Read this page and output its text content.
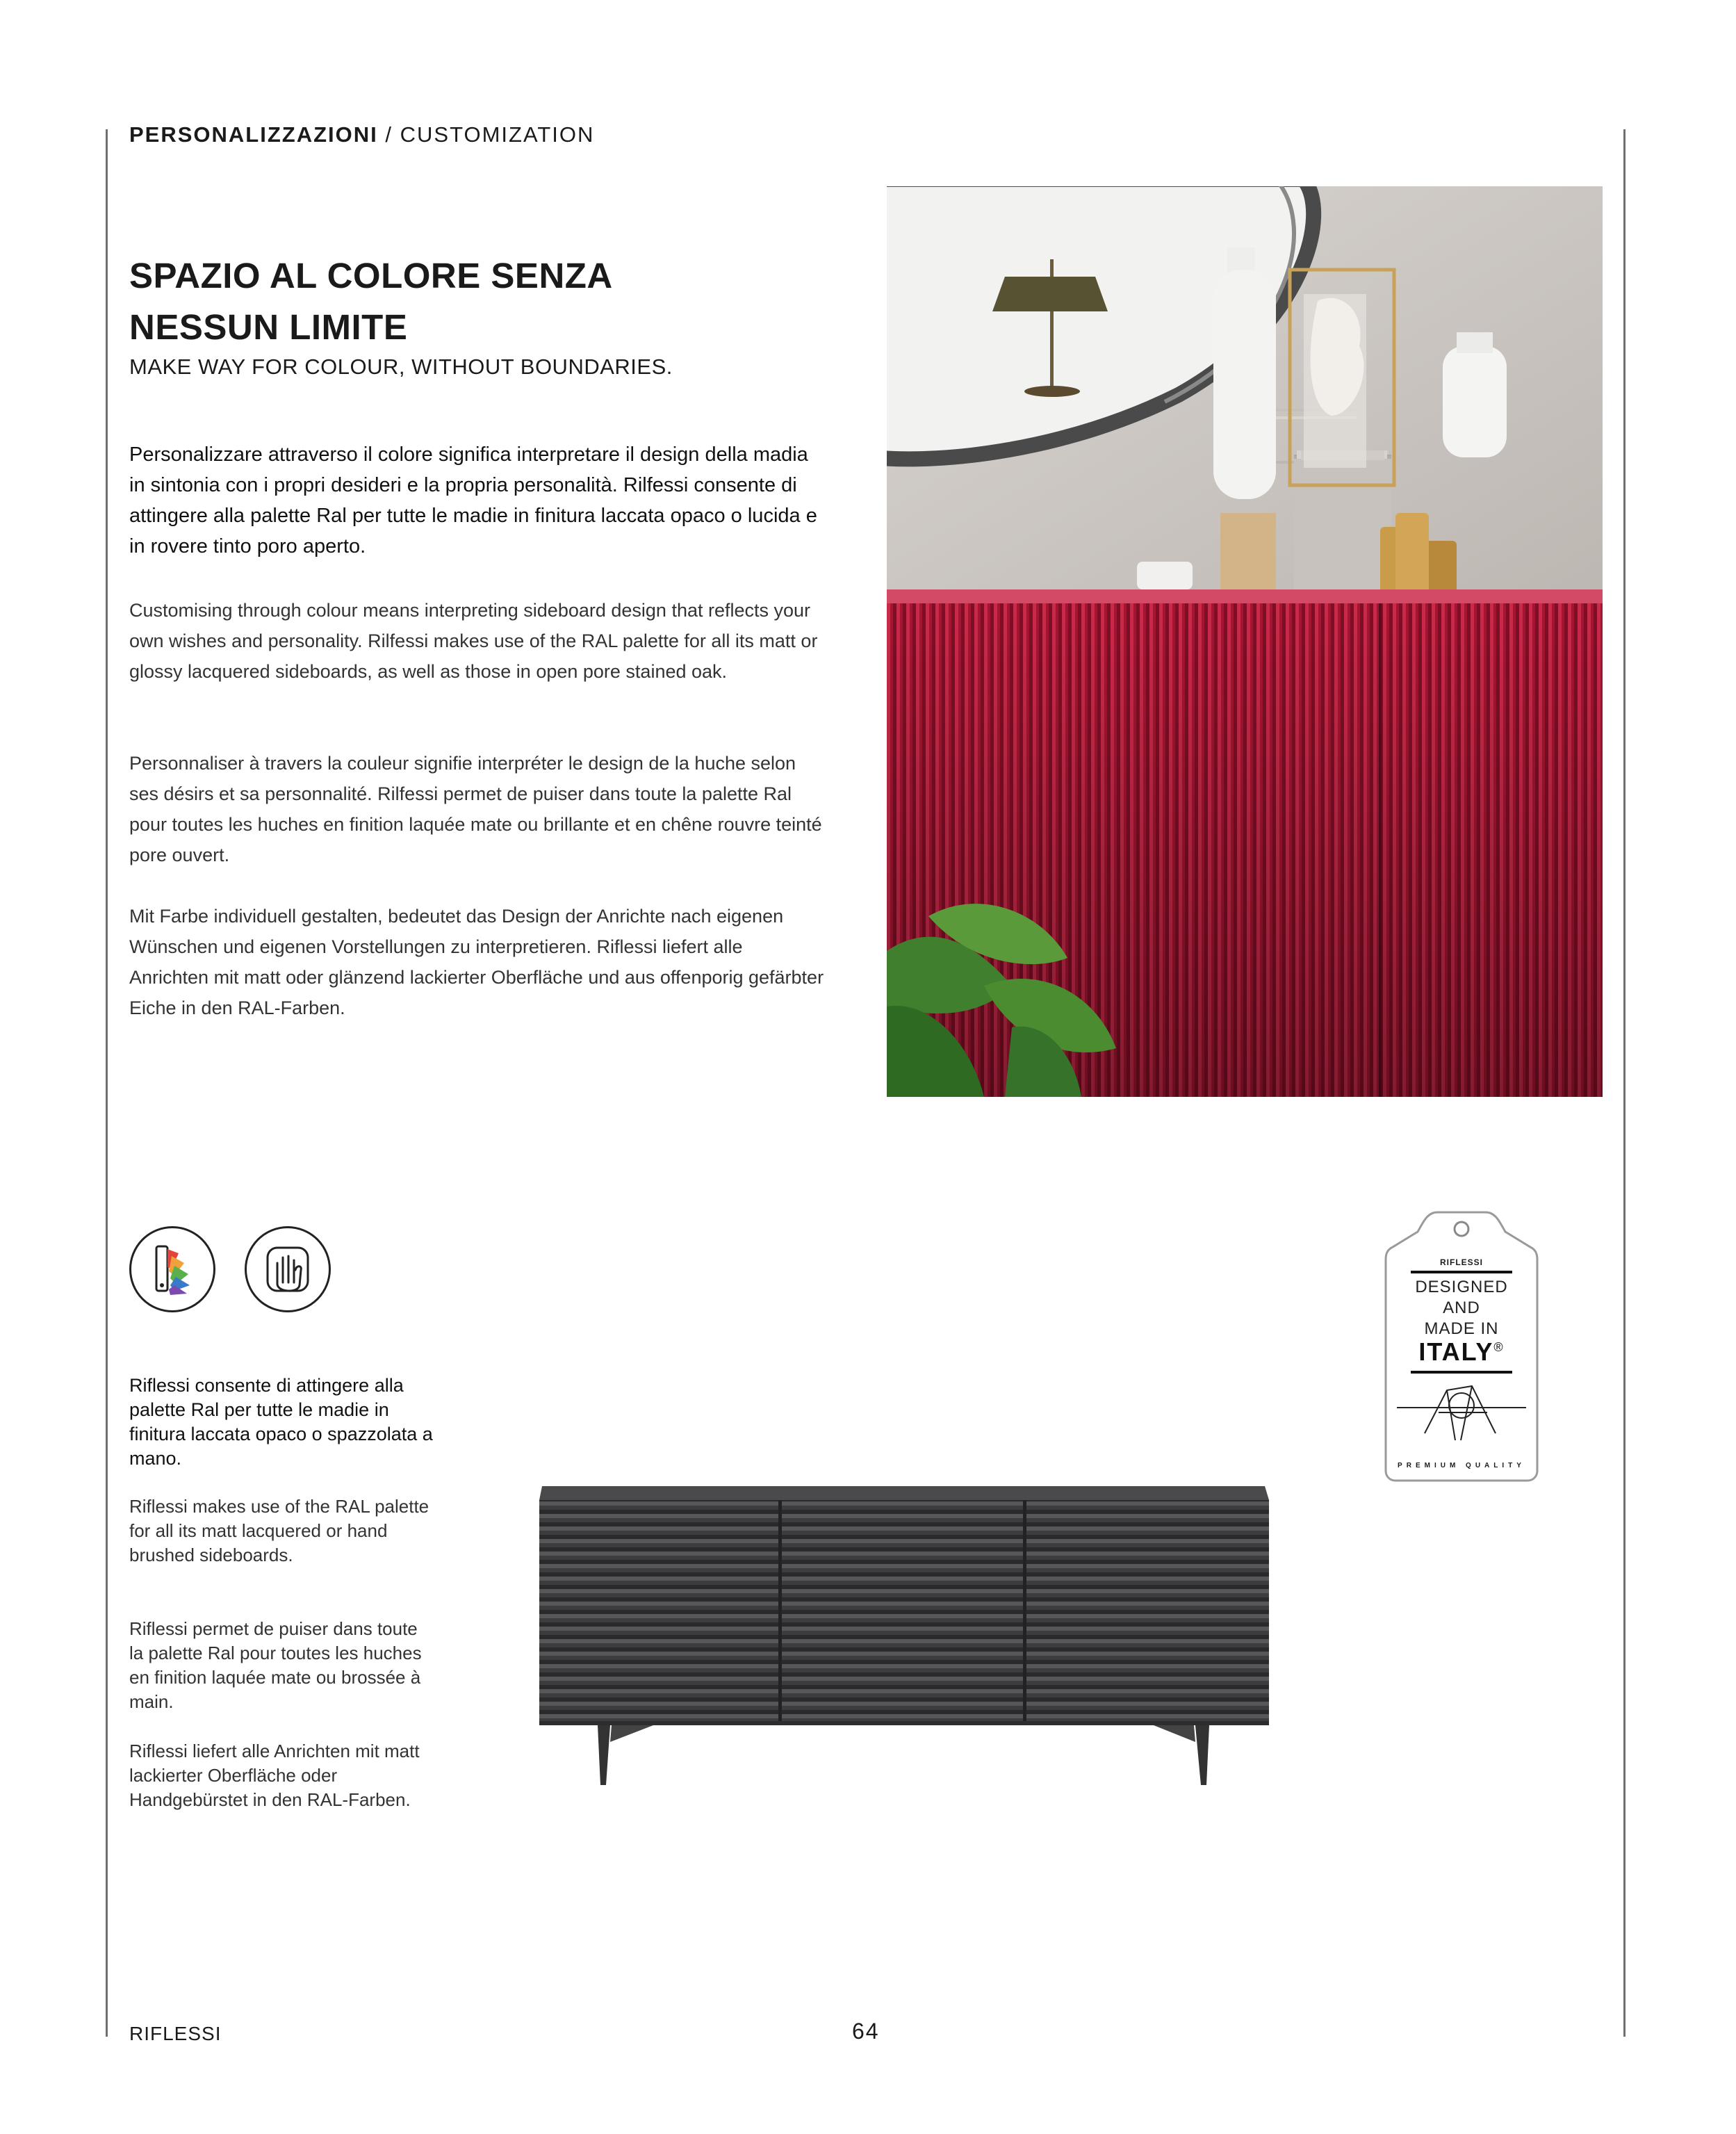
PERSONALIZZAZIONI / CUSTOMIZATION
SPAZIO AL COLORE SENZA
NESSUN LIMITE
MAKE WAY FOR COLOUR, WITHOUT BOUNDARIES.

Personalizzare attraverso il colore significa interpretare il design della madia in sintonia con i propri desideri e la propria personalità. Rilfessi consente di attingere alla palette Ral per tutte le madie in finitura laccata opaco o lucida e in rovere tinto poro aperto.

Customising through colour means interpreting sideboard design that reflects your own wishes and personality. Rilfessi makes use of the RAL palette for all its matt or glossy lacquered sideboards, as well as those in open pore stained oak.

Personnaliser à travers la couleur signifie interpréter le design de la huche selon ses désirs et sa personnalité. Rilfessi permet de puiser dans toute la palette Ral pour toutes les huches en finition laquée mate ou brillante et en chêne rouvre teinté pore ouvert.

Mit Farbe individuell gestalten, bedeutet das Design der Anrichte nach eigenen Wünschen und eigenen Vorstellungen zu interpretieren. Riflessi liefert alle Anrichten mit matt oder glänzend lackierter Oberfläche und aus offenporig gefärbter Eiche in den RAL-Farben.

Riflessi consente di attingere alla palette Ral per tutte le madie in finitura laccata opaco o spazzolata a mano.

Riflessi makes use of the RAL palette for all its matt lacquered or hand brushed sideboards.

Riflessi permet de puiser dans toute la palette Ral pour toutes les huches en finition laquée mate ou brossée à main.

Riflessi liefert alle Anrichten mit matt lackierter Oberfläche oder Handgebürstet in den RAL-Farben.

RIFLESSI
DESIGNED
AND
MADE IN
ITALY®
PREMIUM QUALITY
RIFLESSI	64
